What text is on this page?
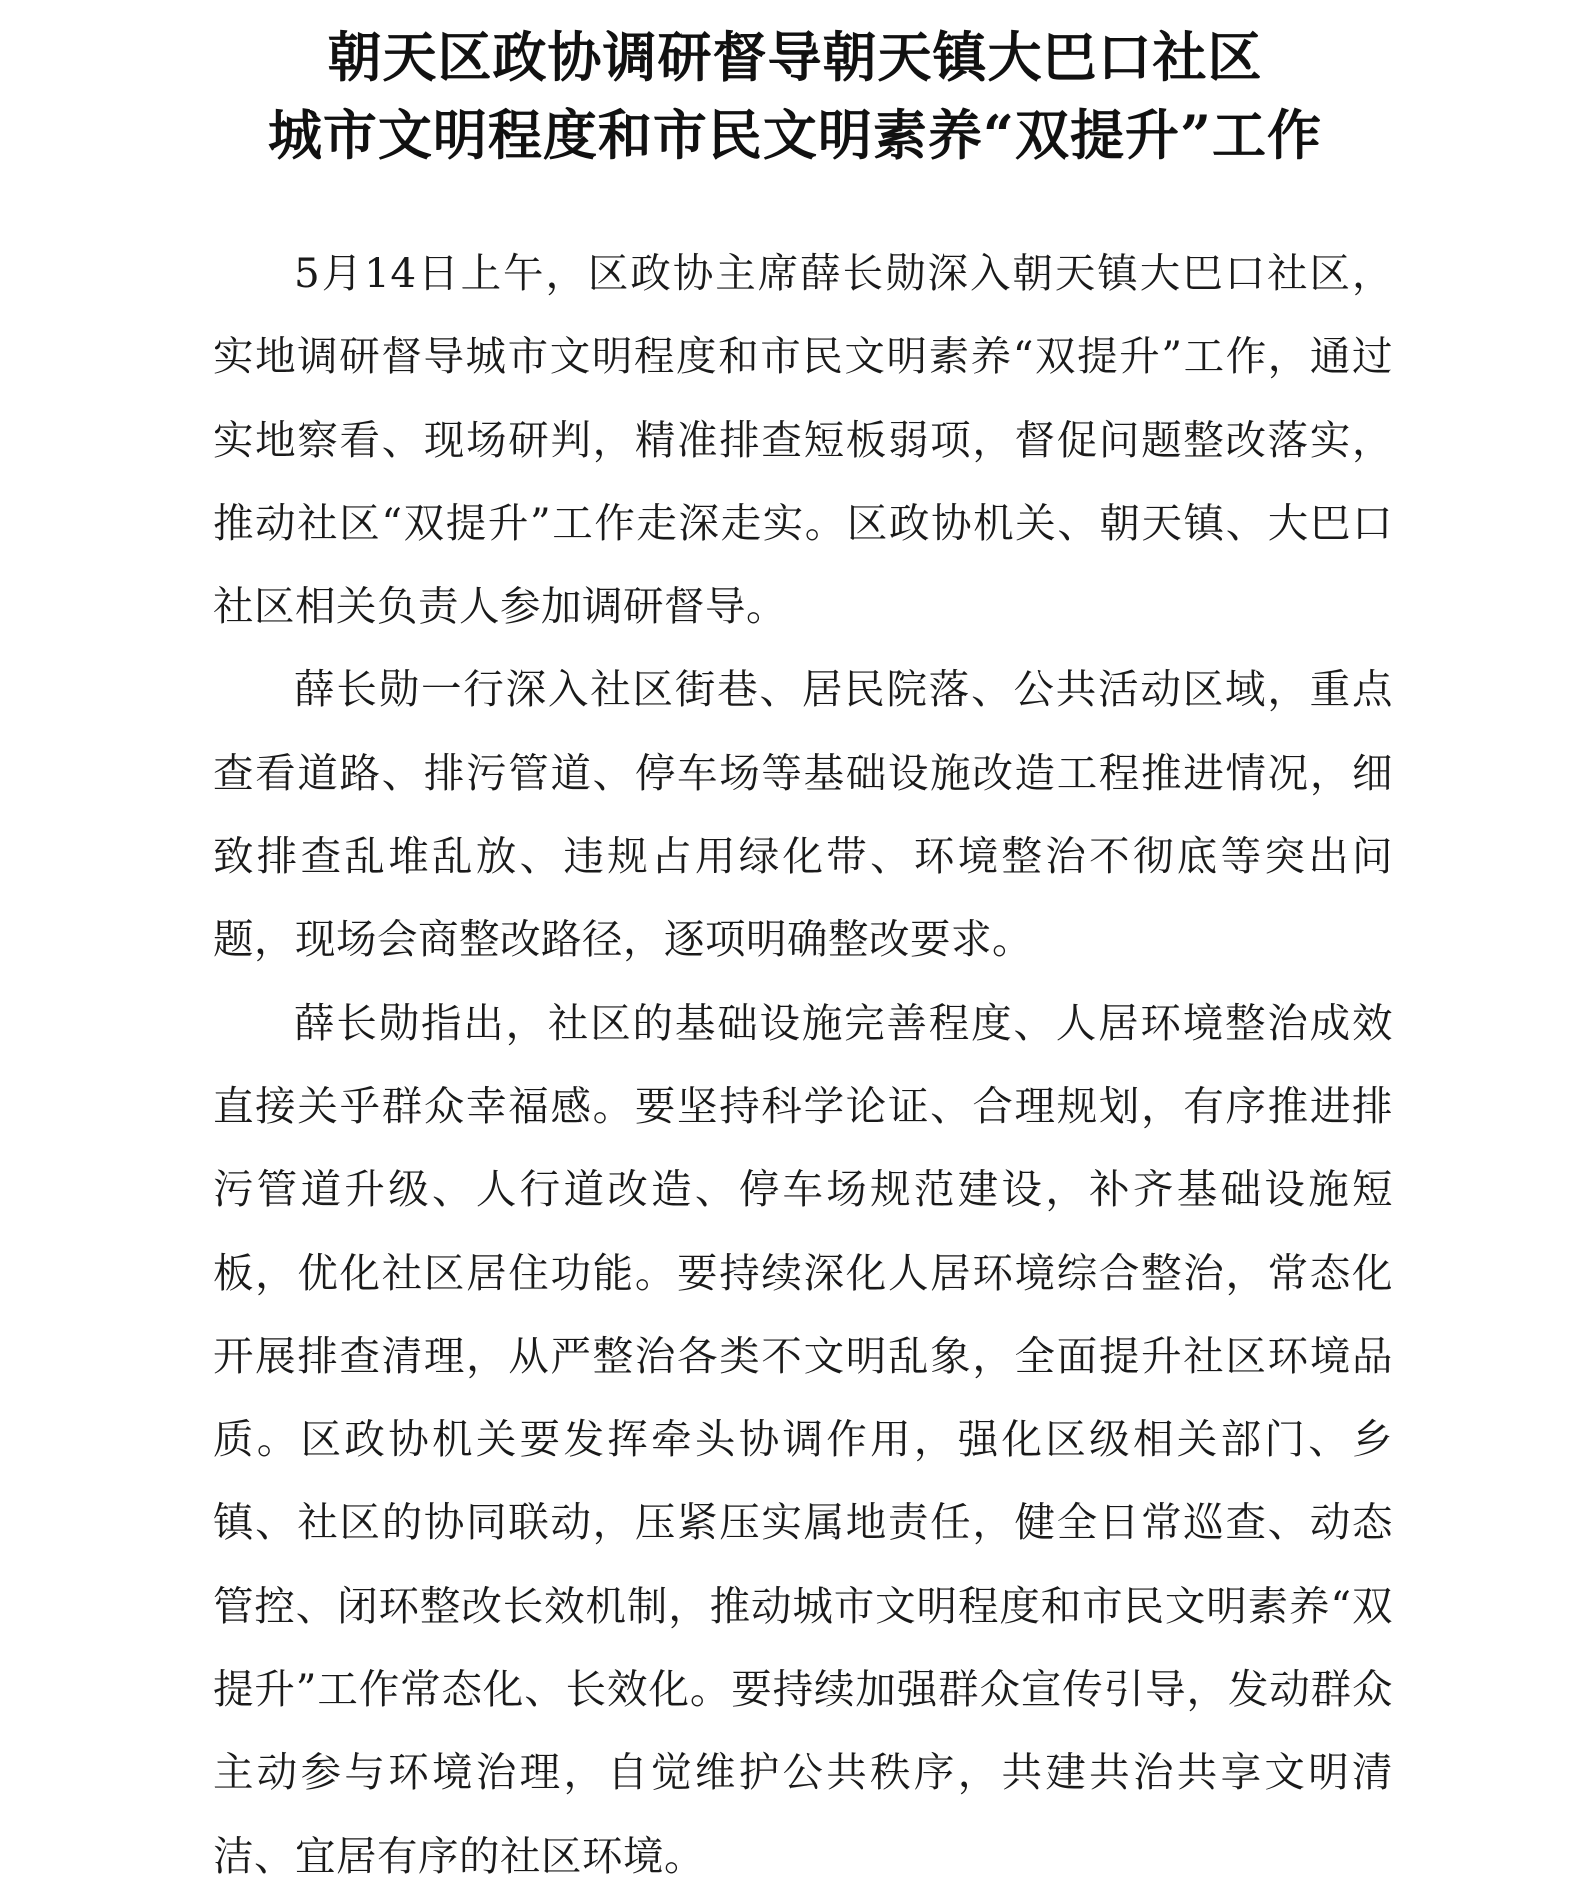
朝天区政协调研督导朝天镇大巴口社区
城市文明程度和市民文明素养“双提升”工作

5月14日上午，区政协主席薛长勋深入朝天镇大巴口社区，实地调研督导城市文明程度和市民文明素养“双提升”工作，通过实地察看、现场研判，精准排查短板弱项，督促问题整改落实，推动社区“双提升”工作走深走实。区政协机关、朝天镇、大巴口社区相关负责人参加调研督导。

薛长勋一行深入社区街巷、居民院落、公共活动区域，重点查看道路、排污管道、停车场等基础设施改造工程推进情况，细致排查乱堆乱放、违规占用绿化带、环境整治不彻底等突出问题，现场会商整改路径，逐项明确整改要求。

薛长勋指出，社区的基础设施完善程度、人居环境整治成效直接关乎群众幸福感。要坚持科学论证、合理规划，有序推进排污管道升级、人行道改造、停车场规范建设，补齐基础设施短板，优化社区居住功能。要持续深化人居环境综合整治，常态化开展排查清理，从严整治各类不文明乱象，全面提升社区环境品质。区政协机关要发挥牵头协调作用，强化区级相关部门、乡镇、社区的协同联动，压紧压实属地责任，健全日常巡查、动态管控、闭环整改长效机制，推动城市文明程度和市民文明素养“双提升”工作常态化、长效化。要持续加强群众宣传引导，发动群众主动参与环境治理，自觉维护公共秩序，共建共治共享文明清洁、宜居有序的社区环境。
